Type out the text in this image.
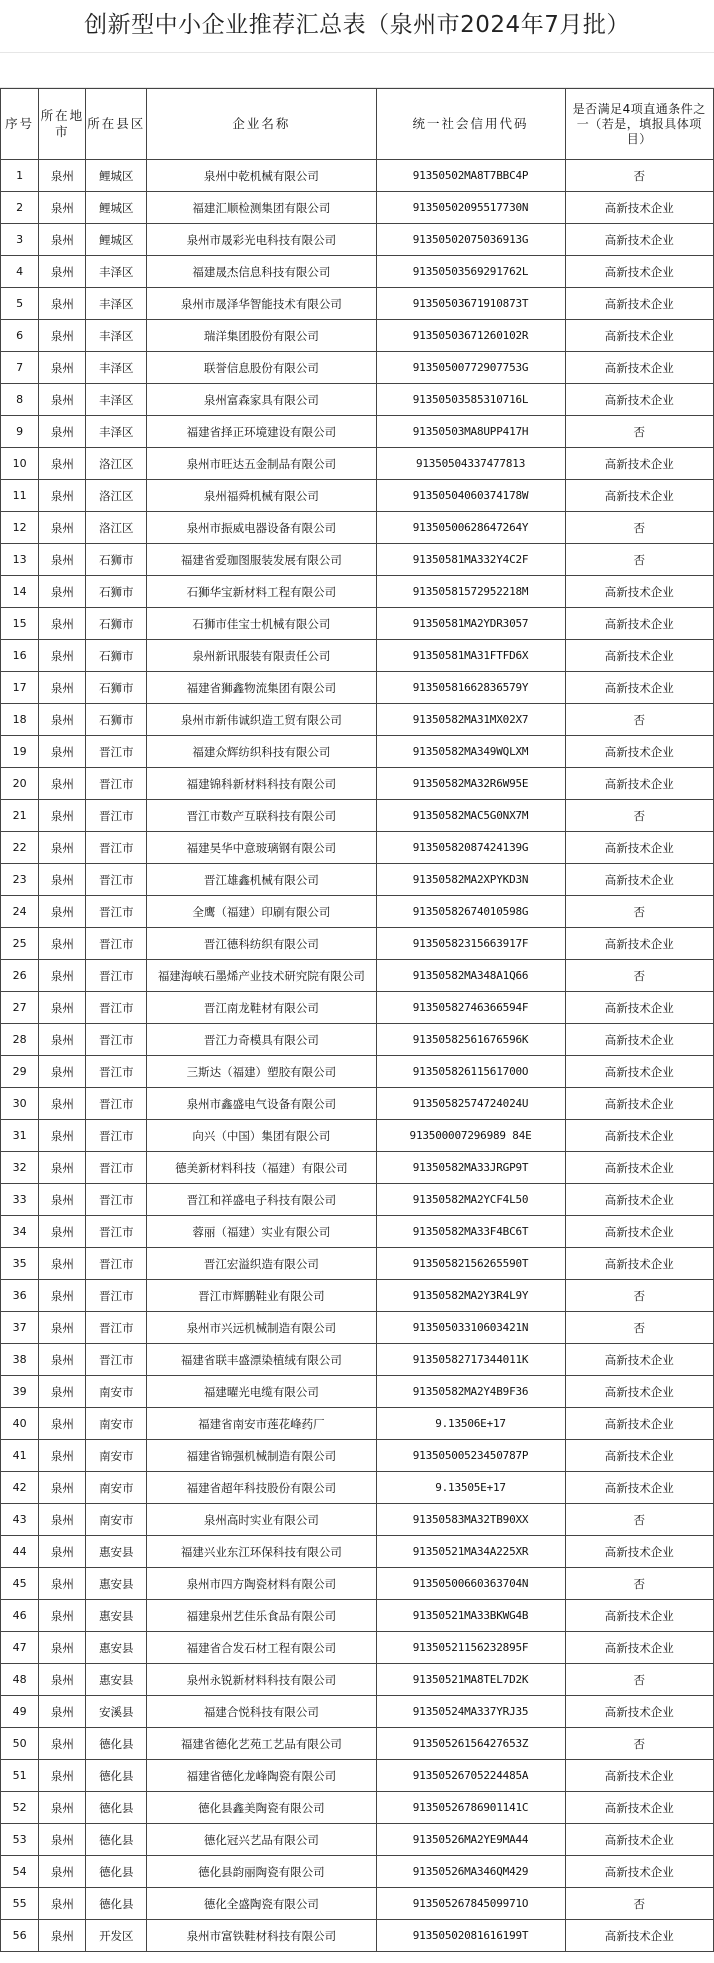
创新型中小企业推荐汇总表（泉州市2024年7月批）
序号	所在地市	所在县区	企业名称	统一社会信用代码	是否满足4项直通条件之一（若是，填报具体项目）
1	泉州	鲤城区	泉州中乾机械有限公司	91350502MA8T7BBC4P	否
2	泉州	鲤城区	福建汇顺检测集团有限公司	91350502095517730N	高新技术企业
3	泉州	鲤城区	泉州市晟彩光电科技有限公司	91350502075036913G	高新技术企业
4	泉州	丰泽区	福建晟杰信息科技有限公司	91350503569291762L	高新技术企业
5	泉州	丰泽区	泉州市晟泽华智能技术有限公司	91350503671910873T	高新技术企业
6	泉州	丰泽区	瑞洋集团股份有限公司	91350503671260102R	高新技术企业
7	泉州	丰泽区	联誉信息股份有限公司	91350500772907753G	高新技术企业
8	泉州	丰泽区	泉州富森家具有限公司	91350503585310716L	高新技术企业
9	泉州	丰泽区	福建省择正环境建设有限公司	91350503MA8UPP417H	否
10	泉州	洛江区	泉州市旺达五金制品有限公司	91350504337477813	高新技术企业
11	泉州	洛江区	泉州福舜机械有限公司	91350504060374178W	高新技术企业
12	泉州	洛江区	泉州市振威电器设备有限公司	91350500628647264Y	否
13	泉州	石狮市	福建省爱珈图服装发展有限公司	91350581MA332Y4C2F	否
14	泉州	石狮市	石狮华宝新材料工程有限公司	91350581572952218M	高新技术企业
15	泉州	石狮市	石狮市佳宝士机械有限公司	91350581MA2YDR3057	高新技术企业
16	泉州	石狮市	泉州新讯服装有限责任公司	91350581MA31FTFD6X	高新技术企业
17	泉州	石狮市	福建省狮鑫物流集团有限公司	91350581662836579Y	高新技术企业
18	泉州	石狮市	泉州市新伟诚织造工贸有限公司	91350582MA31MX02X7	否
19	泉州	晋江市	福建众辉纺织科技有限公司	91350582MA349WQLXM	高新技术企业
20	泉州	晋江市	福建锦科新材料科技有限公司	91350582MA32R6W95E	高新技术企业
21	泉州	晋江市	晋江市数产互联科技有限公司	91350582MAC5G0NX7M	否
22	泉州	晋江市	福建昊华中意玻璃钢有限公司	91350582087424139G	高新技术企业
23	泉州	晋江市	晋江雄鑫机械有限公司	91350582MA2XPYKD3N	高新技术企业
24	泉州	晋江市	全鹰（福建）印刷有限公司	91350582674010598G	否
25	泉州	晋江市	晋江德科纺织有限公司	91350582315663917F	高新技术企业
26	泉州	晋江市	福建海峡石墨烯产业技术研究院有限公司	91350582MA348A1Q66	否
27	泉州	晋江市	晋江南龙鞋材有限公司	91350582746366594F	高新技术企业
28	泉州	晋江市	晋江力奇模具有限公司	91350582561676596K	高新技术企业
29	泉州	晋江市	三斯达（福建）塑胶有限公司	91350582611561700O	高新技术企业
30	泉州	晋江市	泉州市鑫盛电气设备有限公司	91350582574724024U	高新技术企业
31	泉州	晋江市	向兴（中国）集团有限公司	913500007296989 84E	高新技术企业
32	泉州	晋江市	德美新材料科技（福建）有限公司	91350582MA33JRGP9T	高新技术企业
33	泉州	晋江市	晋江和祥盛电子科技有限公司	91350582MA2YCF4L50	高新技术企业
34	泉州	晋江市	蓉丽（福建）实业有限公司	91350582MA33F4BC6T	高新技术企业
35	泉州	晋江市	晋江宏溢织造有限公司	91350582156265590T	高新技术企业
36	泉州	晋江市	晋江市辉鹏鞋业有限公司	91350582MA2Y3R4L9Y	否
37	泉州	晋江市	泉州市兴远机械制造有限公司	91350503310603421N	否
38	泉州	晋江市	福建省联丰盛漂染植绒有限公司	91350582717344011K	高新技术企业
39	泉州	南安市	福建曜光电缆有限公司	91350582MA2Y4B9F36	高新技术企业
40	泉州	南安市	福建省南安市莲花峰药厂	9.13506E+17	高新技术企业
41	泉州	南安市	福建省锦强机械制造有限公司	91350500523450787P	高新技术企业
42	泉州	南安市	福建省超年科技股份有限公司	9.13505E+17	高新技术企业
43	泉州	南安市	泉州高时实业有限公司	91350583MA32TB90XX	否
44	泉州	惠安县	福建兴业东江环保科技有限公司	91350521MA34A225XR	高新技术企业
45	泉州	惠安县	泉州市四方陶瓷材料有限公司	91350500660363704N	否
46	泉州	惠安县	福建泉州艺佳乐食品有限公司	91350521MA33BKWG4B	高新技术企业
47	泉州	惠安县	福建省合发石材工程有限公司	91350521156232895F	高新技术企业
48	泉州	惠安县	泉州永锐新材料科技有限公司	91350521MA8TEL7D2K	否
49	泉州	安溪县	福建合悦科技有限公司	91350524MA337YRJ35	高新技术企业
50	泉州	德化县	福建省德化艺苑工艺品有限公司	91350526156427653Z	否
51	泉州	德化县	福建省德化龙峰陶瓷有限公司	91350526705224485A	高新技术企业
52	泉州	德化县	德化县鑫美陶瓷有限公司	91350526786901141C	高新技术企业
53	泉州	德化县	德化冠兴艺品有限公司	91350526MA2YE9MA44	高新技术企业
54	泉州	德化县	德化县韵丽陶瓷有限公司	91350526MA346QM429	高新技术企业
55	泉州	德化县	德化全盛陶瓷有限公司	91350526784509971O	否
56	泉州	开发区	泉州市富铁鞋材科技有限公司	91350502081616199T	高新技术企业
